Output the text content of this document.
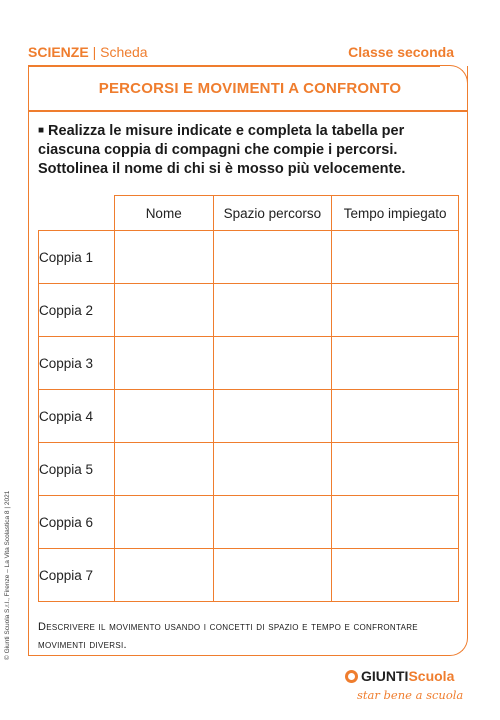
SCIENZE | Scheda	Classe seconda
PERCORSI E MOVIMENTI A CONFRONTO
■ Realizza le misure indicate e completa la tabella per ciascuna coppia di compagni che compie i percorsi. Sottolinea il nome di chi si è mosso più velocemente.
	Nome	Spazio percorso	Tempo impiegato
Coppia 1			
Coppia 2			
Coppia 3			
Coppia 4			
Coppia 5			
Coppia 6			
Coppia 7			
Descrivere il movimento usando i concetti di spazio e tempo e confrontare movimenti diversi.
© Giunti Scuola S.r.l., Firenze – La Vita Scolastica 8 | 2021
GIUNTIScuola
star bene a scuola
